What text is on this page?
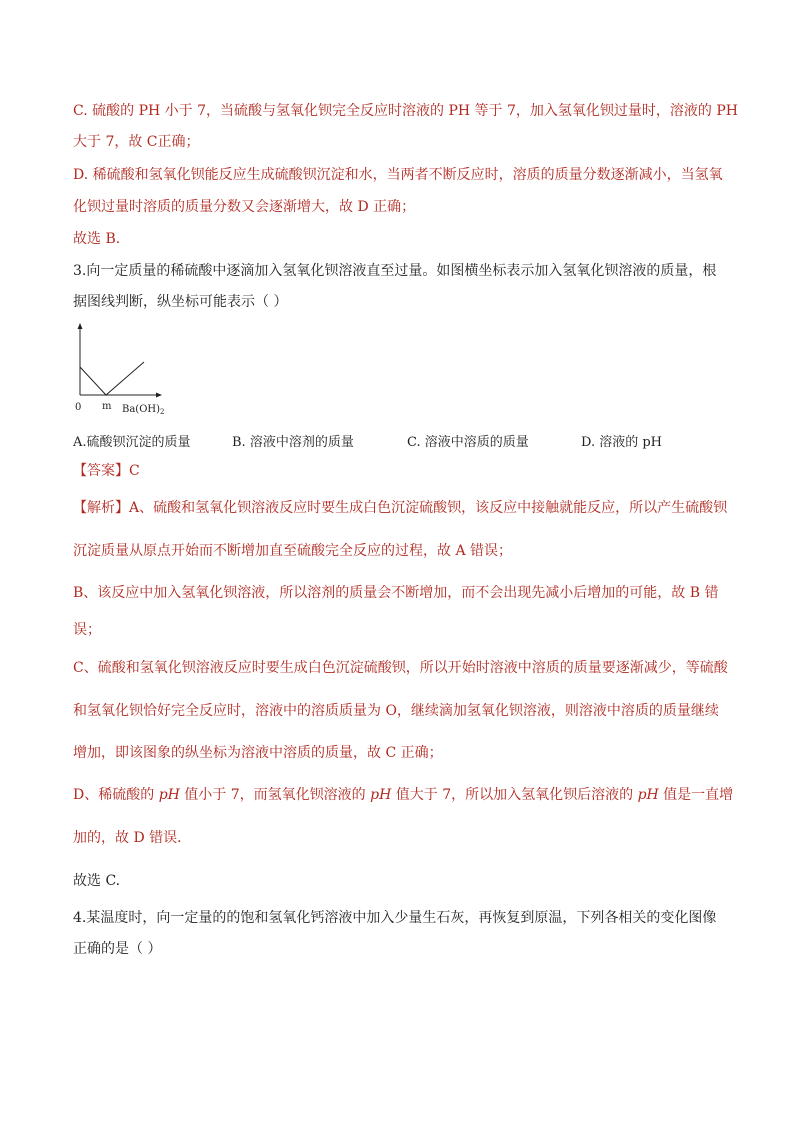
C. 硫酸的 PH 小于 7，当硫酸与氢氧化钡完全反应时溶液的 PH 等于 7，加入氢氧化钡过量时，溶液的 PH
大于 7，故 C正确；
D. 稀硫酸和氢氧化钡能反应生成硫酸钡沉淀和水，当两者不断反应时，溶质的质量分数逐渐减小，当氢氧
化钡过量时溶质的质量分数又会逐渐增大，故 D 正确；
故选 B.
3.向一定质量的稀硫酸中逐滴加入氢氧化钡溶液直至过量。如图横坐标表示加入氢氧化钡溶液的质量，根
据图线判断，纵坐标可能表示（ ）
0 m $Ba(OH)_2$
A.硫酸钡沉淀的质量	B. 溶液中溶剂的质量	C. 溶液中溶质的质量	D. 溶液的 pH
【答案】C
【解析】A、硫酸和氢氧化钡溶液反应时要生成白色沉淀硫酸钡，该反应中接触就能反应，所以产生硫酸钡
沉淀质量从原点开始而不断增加直至硫酸完全反应的过程，故 A 错误；
B、该反应中加入氢氧化钡溶液，所以溶剂的质量会不断增加，而不会出现先减小后增加的可能，故 B 错
误；
C、硫酸和氢氧化钡溶液反应时要生成白色沉淀硫酸钡，所以开始时溶液中溶质的质量要逐渐减少，等硫酸
和氢氧化钡恰好完全反应时，溶液中的溶质质量为 O，继续滴加氢氧化钡溶液，则溶液中溶质的质量继续
增加，即该图象的纵坐标为溶液中溶质的质量，故 C 正确；
D、稀硫酸的 pH 值小于 7，而氢氧化钡溶液的 pH 值大于 7，所以加入氢氧化钡后溶液的 pH 值是一直增
加的，故 D 错误．
故选 C.
4.某温度时，向一定量的的饱和氢氧化钙溶液中加入少量生石灰，再恢复到原温，下列各相关的变化图像
正确的是（ ）
